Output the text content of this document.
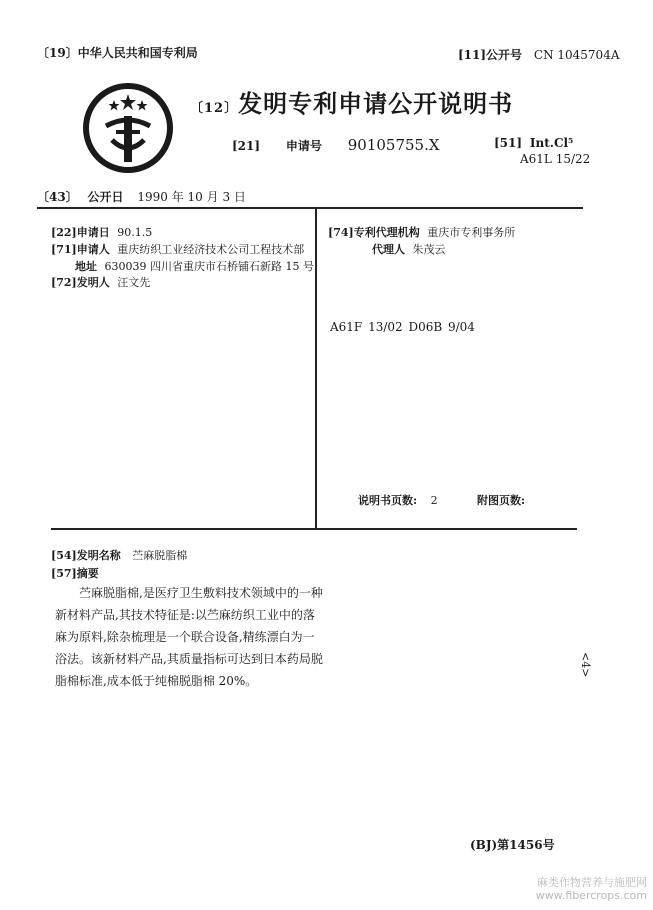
〔19〕中华人民共和国专利局	[11]公开号 CN 1045704A
〔12〕发明专利申请公开说明书
[21] 申请号 90105755.X	[51] Int.Cl⁵
A61L 15/22
〔43〕 公开日 1990 年 10 月 3 日
[22]申请日 90.1.5
[71]申请人 重庆纺织工业经济技术公司工程技术部
地址 630039 四川省重庆市石桥铺石新路 15 号
[72]发明人 汪文先
[74]专利代理机构 重庆市专利事务所
代理人 朱茂云
A61F 13/02 D06B 9/04
说明书页数: 2	附图页数:
[54]发明名称 苎麻脱脂棉
[57]摘要
苎麻脱脂棉,是医疗卫生敷料技术领域中的一种
新材料产品,其技术特征是:以苎麻纺织工业中的落
麻为原料,除杂梳理是一个联合设备,精练漂白为一
浴法。该新材料产品,其质量指标可达到日本药局脱
脂棉标准,成本低于纯棉脱脂棉 20%。
<4>
(BJ)第1456号
麻类作物营养与施肥网
www.fibercrops.com
